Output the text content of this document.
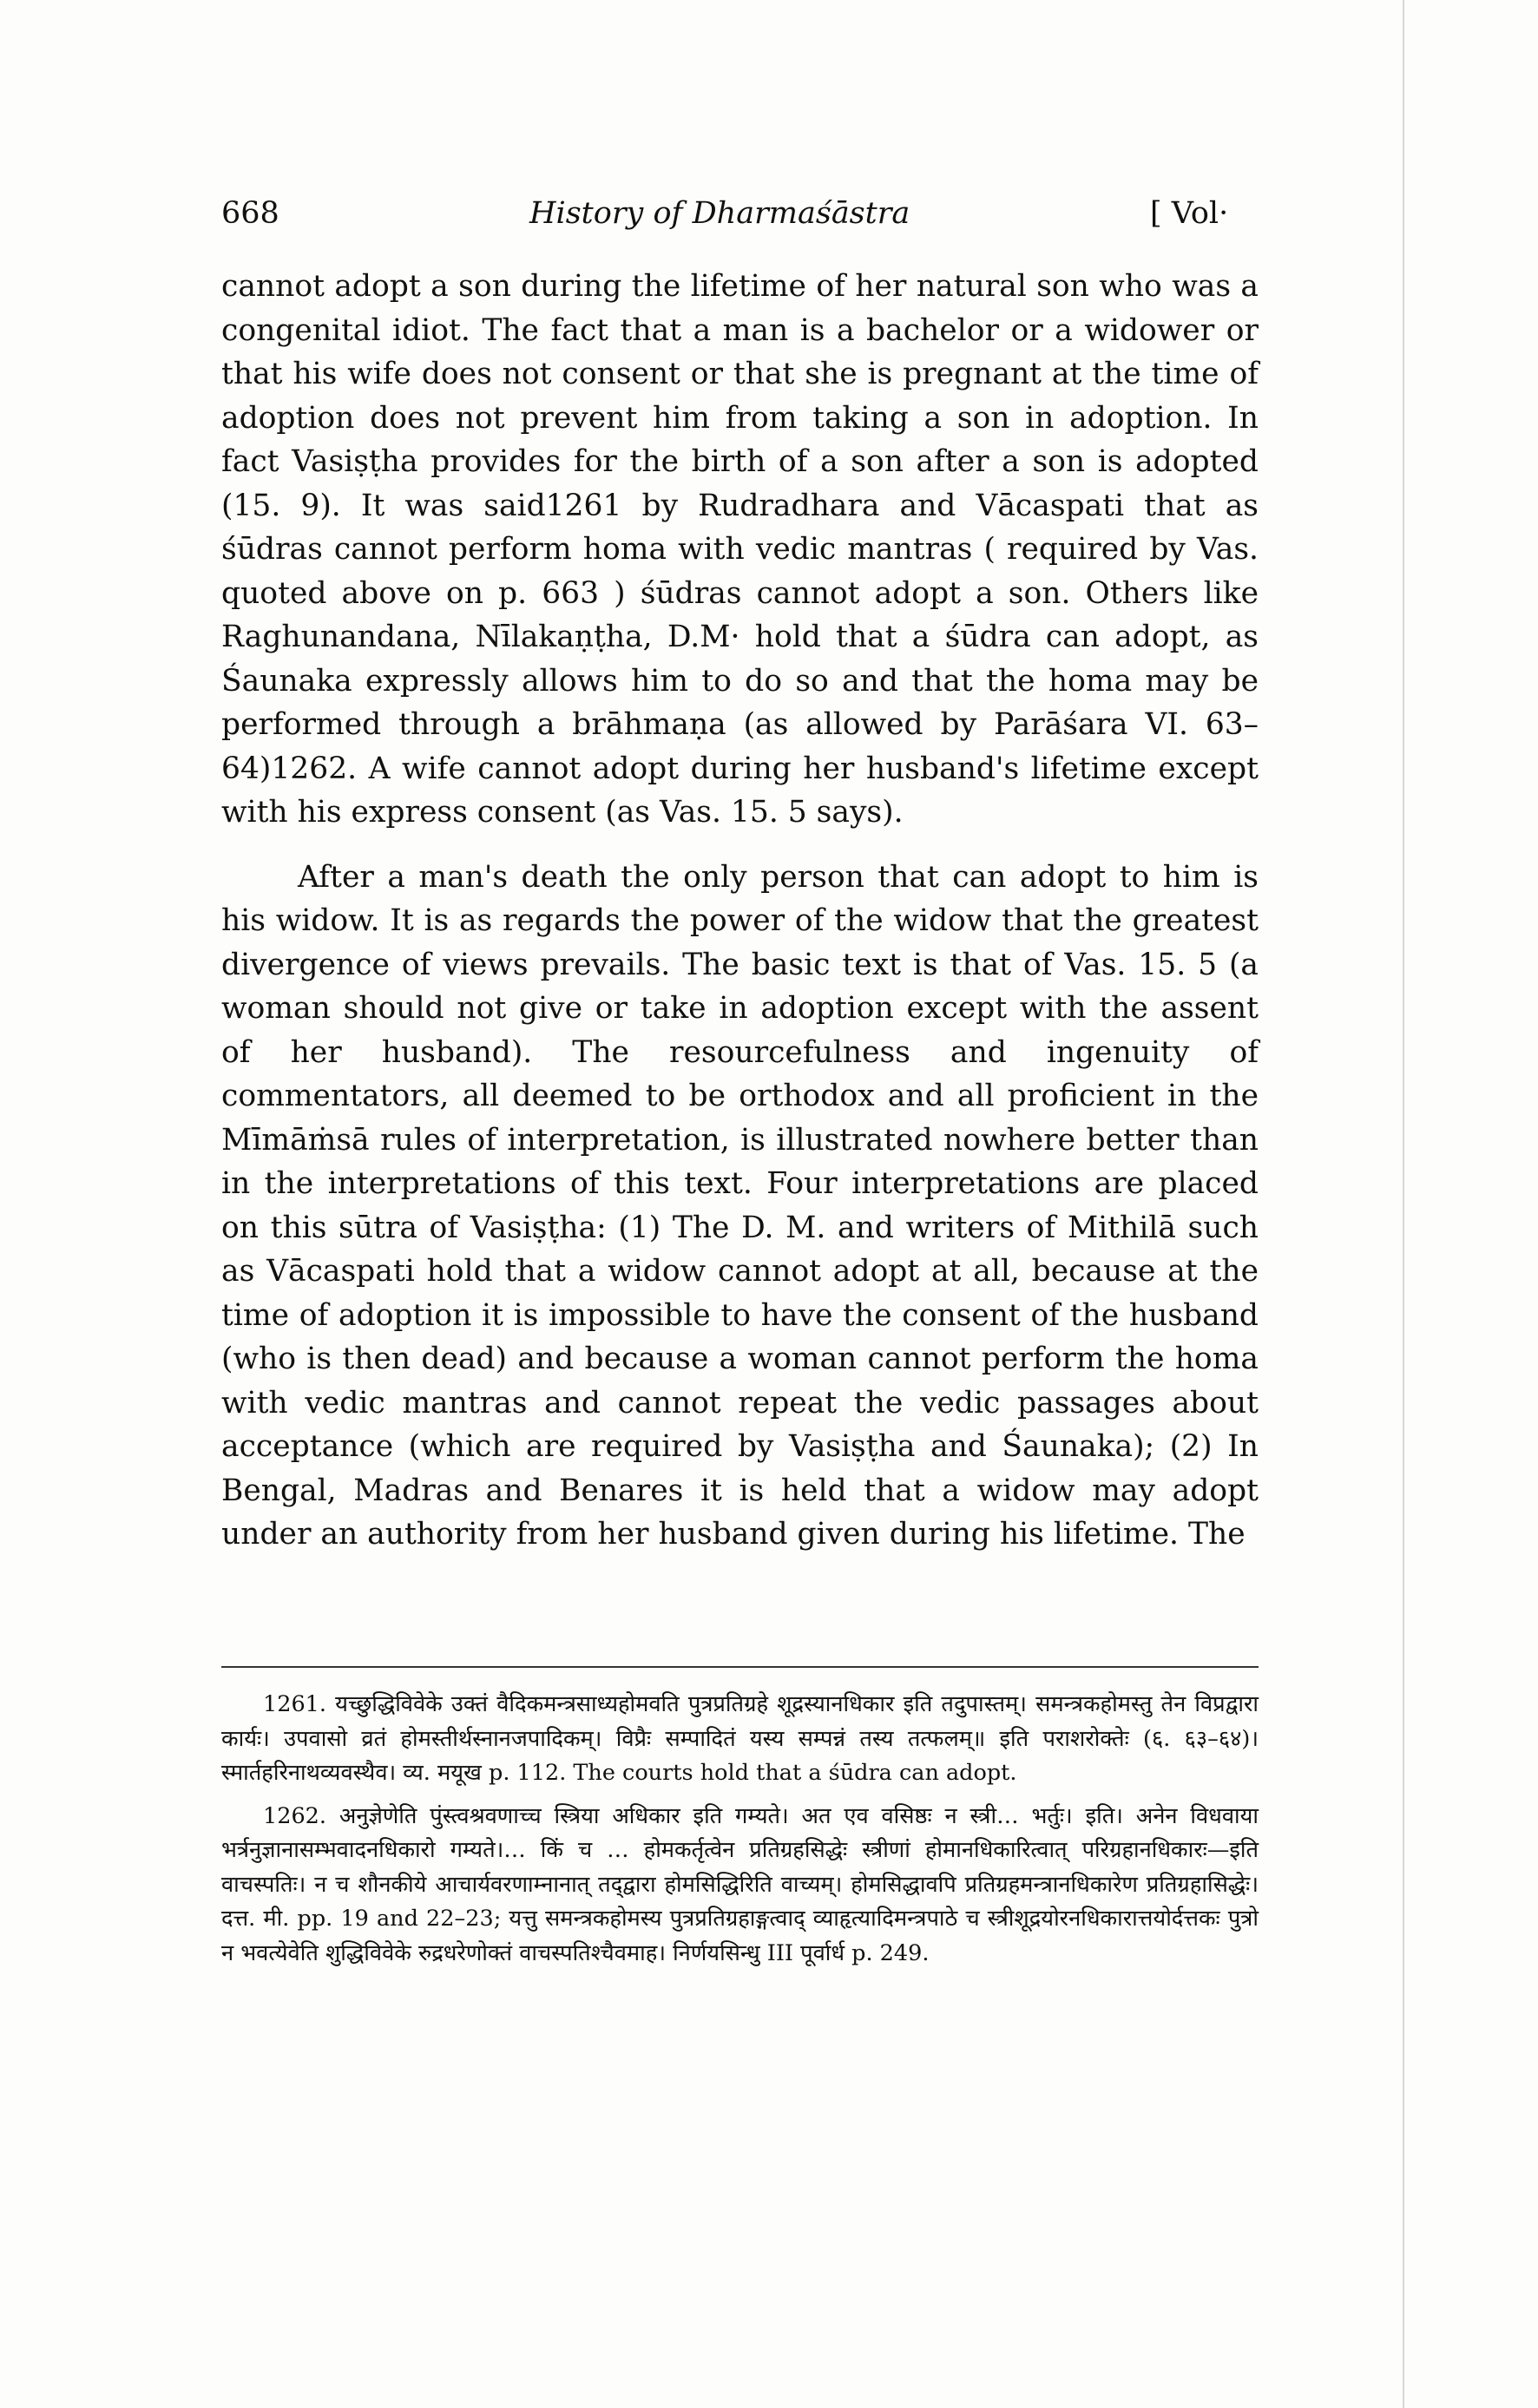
668	History of Dharmaśāstra	[ Vol·

cannot adopt a son during the lifetime of her natural son who was a congenital idiot. The fact that a man is a bachelor or a widower or that his wife does not consent or that she is pregnant at the time of adoption does not prevent him from taking a son in adoption. In fact Vasiṣṭha provides for the birth of a son after a son is adopted (15. 9). It was said1261 by Rudradhara and Vācaspati that as śūdras cannot perform homa with vedic mantras ( required by Vas. quoted above on p. 663 ) śūdras cannot adopt a son. Others like Raghunandana, Nīlakaṇṭha, D.M· hold that a śūdra can adopt, as Śaunaka expressly allows him to do so and that the homa may be performed through a brāhmaṇa (as allowed by Parāśara VI. 63–64)1262. A wife cannot adopt during her husband's lifetime except with his express consent (as Vas. 15. 5 says).

After a man's death the only person that can adopt to him is his widow. It is as regards the power of the widow that the greatest divergence of views prevails. The basic text is that of Vas. 15. 5 (a woman should not give or take in adoption except with the assent of her husband). The resourcefulness and ingenuity of commentators, all deemed to be orthodox and all proficient in the Mīmāṁsā rules of interpretation, is illustrated nowhere better than in the interpretations of this text. Four interpretations are placed on this sūtra of Vasiṣṭha: (1) The D. M. and writers of Mithilā such as Vācaspati hold that a widow cannot adopt at all, because at the time of adoption it is impossible to have the consent of the husband (who is then dead) and because a woman cannot perform the homa with vedic mantras and cannot repeat the vedic passages about acceptance (which are required by Vasiṣṭha and Śaunaka); (2) In Bengal, Madras and Benares it is held that a widow may adopt under an authority from her husband given during his lifetime. The

1261. यच्छुद्धिविवेके उक्तं वैदिकमन्त्रसाध्यहोमवति पुत्रप्रतिग्रहे शूद्रस्यानधिकार इति तदुपास्तम्। समन्त्रकहोमस्तु तेन विप्रद्वारा कार्यः। उपवासो व्रतं होमस्तीर्थस्नानजपादिकम्। विप्रैः सम्पादितं यस्य सम्पन्नं तस्य तत्फलम्॥ इति पराशरोक्तेः (६. ६३–६४)। स्मार्तहरिनाथव्यवस्थैव। व्य. मयूख p. 112. The courts hold that a śūdra can adopt.

1262. अनुज्ञेणेति पुंस्त्वश्रवणाच्च स्त्रिया अधिकार इति गम्यते। अत एव वसिष्ठः न स्त्री… भर्तुः। इति। अनेन विधवाया भर्त्रनुज्ञानासम्भवादनधिकारो गम्यते।… किं च … होमकर्तृत्वेन प्रतिग्रहसिद्धेः स्त्रीणां होमानधिकारित्वात् परिग्रहानधिकारः—इति वाचस्पतिः। न च शौनकीये आचार्यवरणाम्नानात् तद्‌द्वारा होमसिद्धिरिति वाच्यम्। होमसिद्धावपि प्रतिग्रहमन्त्रानधिकारेण प्रतिग्रहासिद्धेः। दत्त. मी. pp. 19 and 22–23; यत्तु समन्त्रकहोमस्य पुत्रप्रतिग्रहाङ्गत्वाद् व्याहृत्यादिमन्त्रपाठे च स्त्रीशूद्रयोरनधिकारात्तयोर्दत्तकः पुत्रो न भवत्येवेति शुद्धिविवेके रुद्रधरेणोक्तं वाचस्पतिश्चैवमाह। निर्णयसिन्धु III पूर्वार्ध p. 249.
